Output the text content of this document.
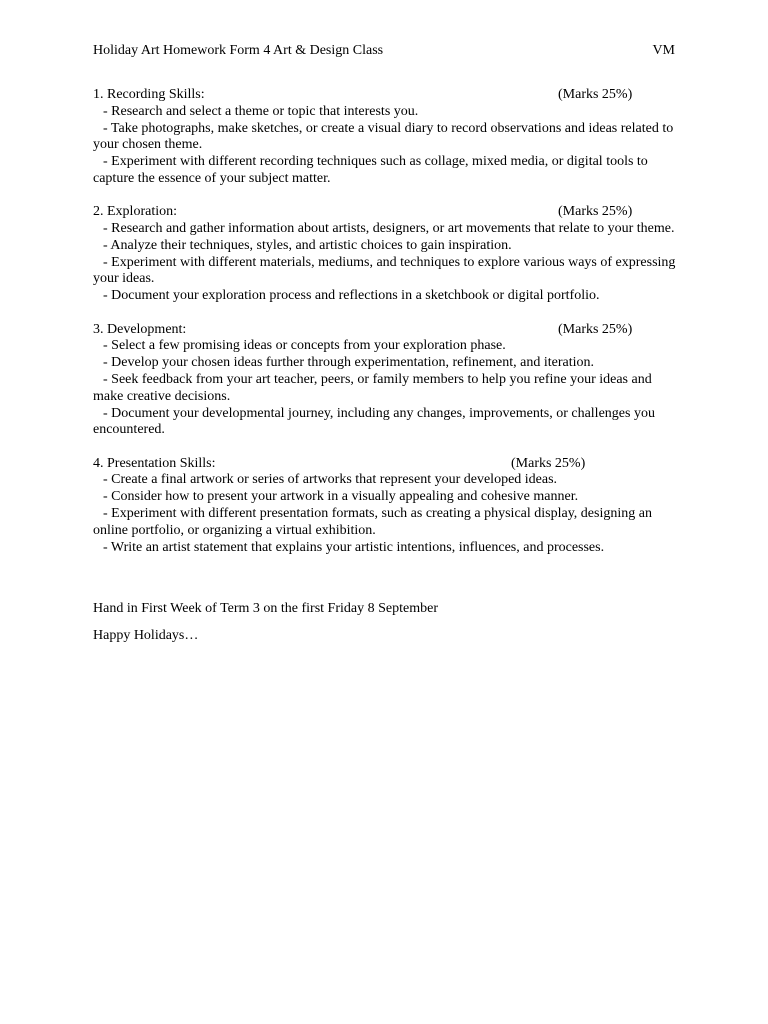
Holiday Art Homework Form 4 Art & Design Class	VM
1. Recording Skills:	(Marks 25%)
- Research and select a theme or topic that interests you.
- Take photographs, make sketches, or create a visual diary to record observations and ideas related to your chosen theme.
- Experiment with different recording techniques such as collage, mixed media, or digital tools to capture the essence of your subject matter.
2. Exploration:	(Marks 25%)
- Research and gather information about artists, designers, or art movements that relate to your theme.
- Analyze their techniques, styles, and artistic choices to gain inspiration.
- Experiment with different materials, mediums, and techniques to explore various ways of expressing your ideas.
- Document your exploration process and reflections in a sketchbook or digital portfolio.
3. Development:	(Marks 25%)
- Select a few promising ideas or concepts from your exploration phase.
- Develop your chosen ideas further through experimentation, refinement, and iteration.
- Seek feedback from your art teacher, peers, or family members to help you refine your ideas and make creative decisions.
- Document your developmental journey, including any changes, improvements, or challenges you encountered.
4. Presentation Skills:	(Marks 25%)
- Create a final artwork or series of artworks that represent your developed ideas.
- Consider how to present your artwork in a visually appealing and cohesive manner.
- Experiment with different presentation formats, such as creating a physical display, designing an online portfolio, or organizing a virtual exhibition.
- Write an artist statement that explains your artistic intentions, influences, and processes.
Hand in First Week of Term 3 on the first Friday 8 September
Happy Holidays…
